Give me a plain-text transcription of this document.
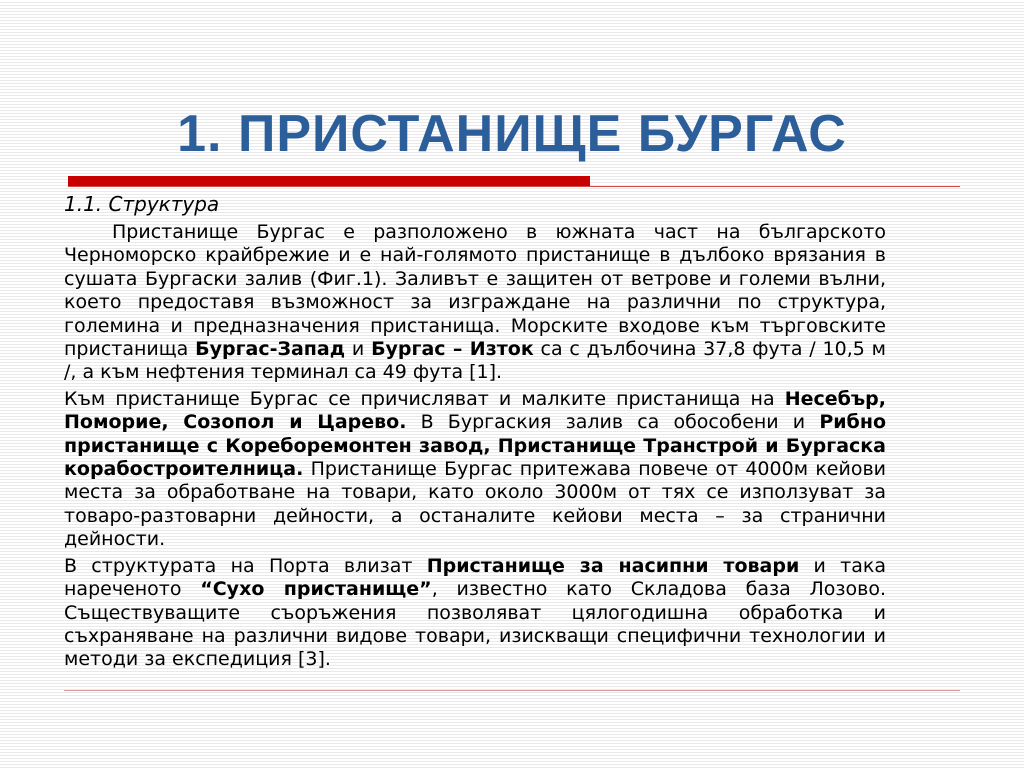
1. ПРИСТАНИЩЕ БУРГАС
1.1. Структура

Пристанище Бургас е разположено в южната част на българското Черноморско крайбрежие и е най-голямото пристанище в дълбоко врязания в сушата Бургаски залив (Фиг.1). Заливът е защитен от ветрове и големи вълни, което предоставя възможност за изграждане на различни по структура, големина и предназначения пристанища. Морските входове към търговските пристанища Бургас-Запад и Бургас – Изток са с дълбочина 37,8 фута / 10,5 м /, а към нефтения терминал са 49 фута [1].

Към пристанище Бургас се причисляват и малките пристанища на Несебър, Поморие, Созопол и Царево. В Бургаския залив са обособени и Рибно пристанище с Кореборемонтен завод, Пристанище Транстрой и Бургаска корабостроителница. Пристанище Бургас притежава повече от 4000м кейови места за обработване на товари, като около 3000м от тях се използуват за товаро-разтоварни дейности, а останалите кейови места – за странични дейности.

В структурата на Порта влизат Пристанище за насипни товари и така нареченото “Сухо пристанище”, известно като Складова база Лозово. Съществуващите съоръжения позволяват цялогодишна обработка и съхраняване на различни видове товари, изискващи специфични технологии и методи за експедиция [3].
